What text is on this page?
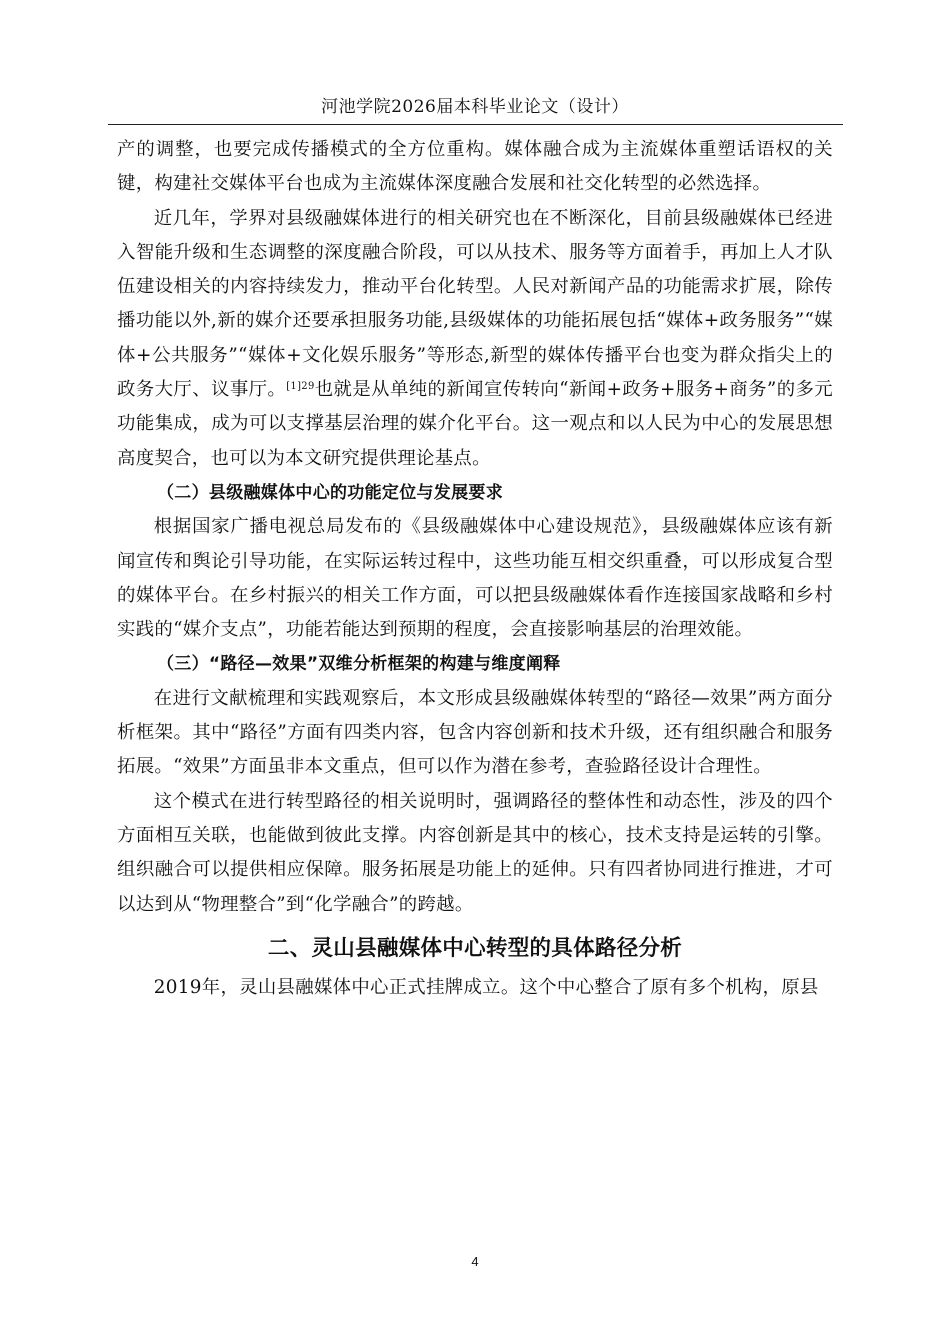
河池学院2026届本科毕业论文（设计）

产的调整，也要完成传播模式的全方位重构。媒体融合成为主流媒体重塑话语权的关键，构建社交媒体平台也成为主流媒体深度融合发展和社交化转型的必然选择。

近几年，学界对县级融媒体进行的相关研究也在不断深化，目前县级融媒体已经进入智能升级和生态调整的深度融合阶段，可以从技术、服务等方面着手，再加上人才队伍建设相关的内容持续发力，推动平台化转型。人民对新闻产品的功能需求扩展，除传播功能以外,新的媒介还要承担服务功能,县级媒体的功能拓展包括“媒体+政务服务”“媒体+公共服务”“媒体+文化娱乐服务”等形态,新型的媒体传播平台也变为群众指尖上的政务大厅、议事厅。$^{[1]29}$也就是从单纯的新闻宣传转向“新闻+政务+服务+商务”的多元功能集成，成为可以支撑基层治理的媒介化平台。这一观点和以人民为中心的发展思想高度契合，也可以为本文研究提供理论基点。

（二）县级融媒体中心的功能定位与发展要求

根据国家广播电视总局发布的《县级融媒体中心建设规范》，县级融媒体应该有新闻宣传和舆论引导功能，在实际运转过程中，这些功能互相交织重叠，可以形成复合型的媒体平台。在乡村振兴的相关工作方面，可以把县级融媒体看作连接国家战略和乡村实践的“媒介支点”，功能若能达到预期的程度，会直接影响基层的治理效能。

（三）“路径—效果”双维分析框架的构建与维度阐释

在进行文献梳理和实践观察后，本文形成县级融媒体转型的“路径—效果”两方面分析框架。其中“路径”方面有四类内容，包含内容创新和技术升级，还有组织融合和服务拓展。“效果”方面虽非本文重点，但可以作为潜在参考，查验路径设计合理性。

这个模式在进行转型路径的相关说明时，强调路径的整体性和动态性，涉及的四个方面相互关联，也能做到彼此支撑。内容创新是其中的核心，技术支持是运转的引擎。组织融合可以提供相应保障。服务拓展是功能上的延伸。只有四者协同进行推进，才可以达到从“物理整合”到“化学融合”的跨越。

二、灵山县融媒体中心转型的具体路径分析

2019年，灵山县融媒体中心正式挂牌成立。这个中心整合了原有多个机构，原县

4
